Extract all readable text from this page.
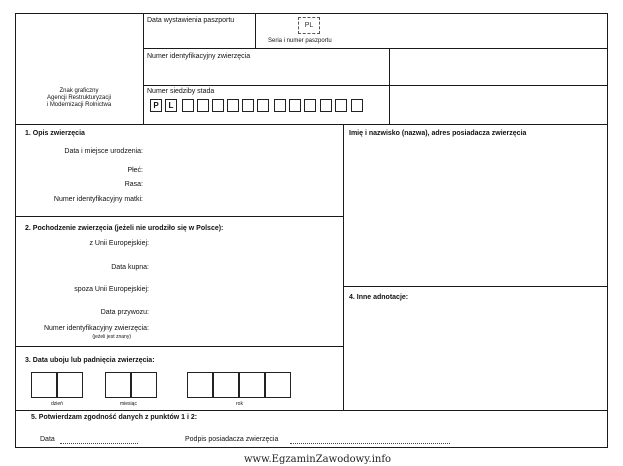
Znak graficzny
Agencji Restrukturyzacji
i Modernizacji Rolnictwa
Data wystawienia paszportu
PL
Seria i numer paszportu
Numer identyfikacyjny zwierzęcia
Numer siedziby stada
P	L
1. Opis zwierzęcia
Data i miejsce urodzenia:
Płeć:
Rasa:
Numer identyfikacyjny matki:
Imię i nazwisko (nazwa), adres posiadacza zwierzęcia
2. Pochodzenie zwierzęcia (jeżeli nie urodziło się w Polsce):
z Unii Europejskiej:
Data kupna:
spoza Unii Europejskiej:
Data przywozu:
Numer identyfikacyjny zwierzęcia:
(jeżeli jest znany)
4. Inne adnotacje:
3. Data uboju lub padnięcia zwierzęcia:
dzień	miesiąc	rok
5. Potwierdzam zgodność danych z punktów 1 i 2:
Data	Podpis posiadacza zwierzęcia
www.EgzaminZawodowy.info
